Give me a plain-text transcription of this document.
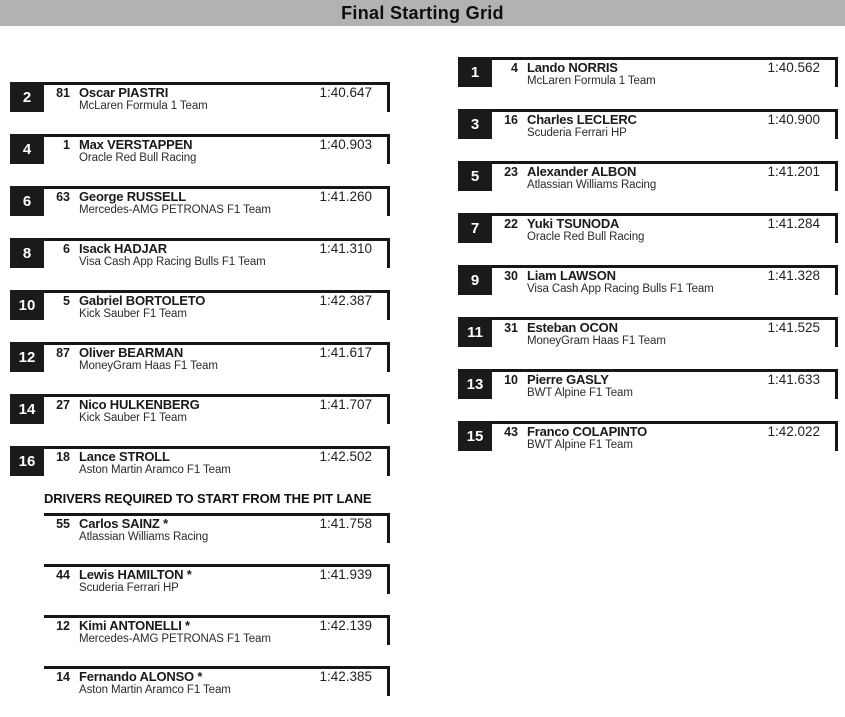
Final Starting Grid
1	4 Lando NORRIS	1:40.562
McLaren Formula 1 Team
3	16 Charles LECLERC	1:40.900
Scuderia Ferrari HP
5	23 Alexander ALBON	1:41.201
Atlassian Williams Racing
7	22 Yuki TSUNODA	1:41.284
Oracle Red Bull Racing
9	30 Liam LAWSON	1:41.328
Visa Cash App Racing Bulls F1 Team
11	31 Esteban OCON	1:41.525
MoneyGram Haas F1 Team
13	10 Pierre GASLY	1:41.633
BWT Alpine F1 Team
15	43 Franco COLAPINTO	1:42.022
BWT Alpine F1 Team
2	81 Oscar PIASTRI	1:40.647
McLaren Formula 1 Team
4	1 Max VERSTAPPEN	1:40.903
Oracle Red Bull Racing
6	63 George RUSSELL	1:41.260
Mercedes-AMG PETRONAS F1 Team
8	6 Isack HADJAR	1:41.310
Visa Cash App Racing Bulls F1 Team
10	5 Gabriel BORTOLETO	1:42.387
Kick Sauber F1 Team
12	87 Oliver BEARMAN	1:41.617
MoneyGram Haas F1 Team
14	27 Nico HULKENBERG	1:41.707
Kick Sauber F1 Team
16	18 Lance STROLL	1:42.502
Aston Martin Aramco F1 Team
DRIVERS REQUIRED TO START FROM THE PIT LANE
55 Carlos SAINZ *	1:41.758
Atlassian Williams Racing
44 Lewis HAMILTON *	1:41.939
Scuderia Ferrari HP
12 Kimi ANTONELLI *	1:42.139
Mercedes-AMG PETRONAS F1 Team
14 Fernando ALONSO *	1:42.385
Aston Martin Aramco F1 Team
